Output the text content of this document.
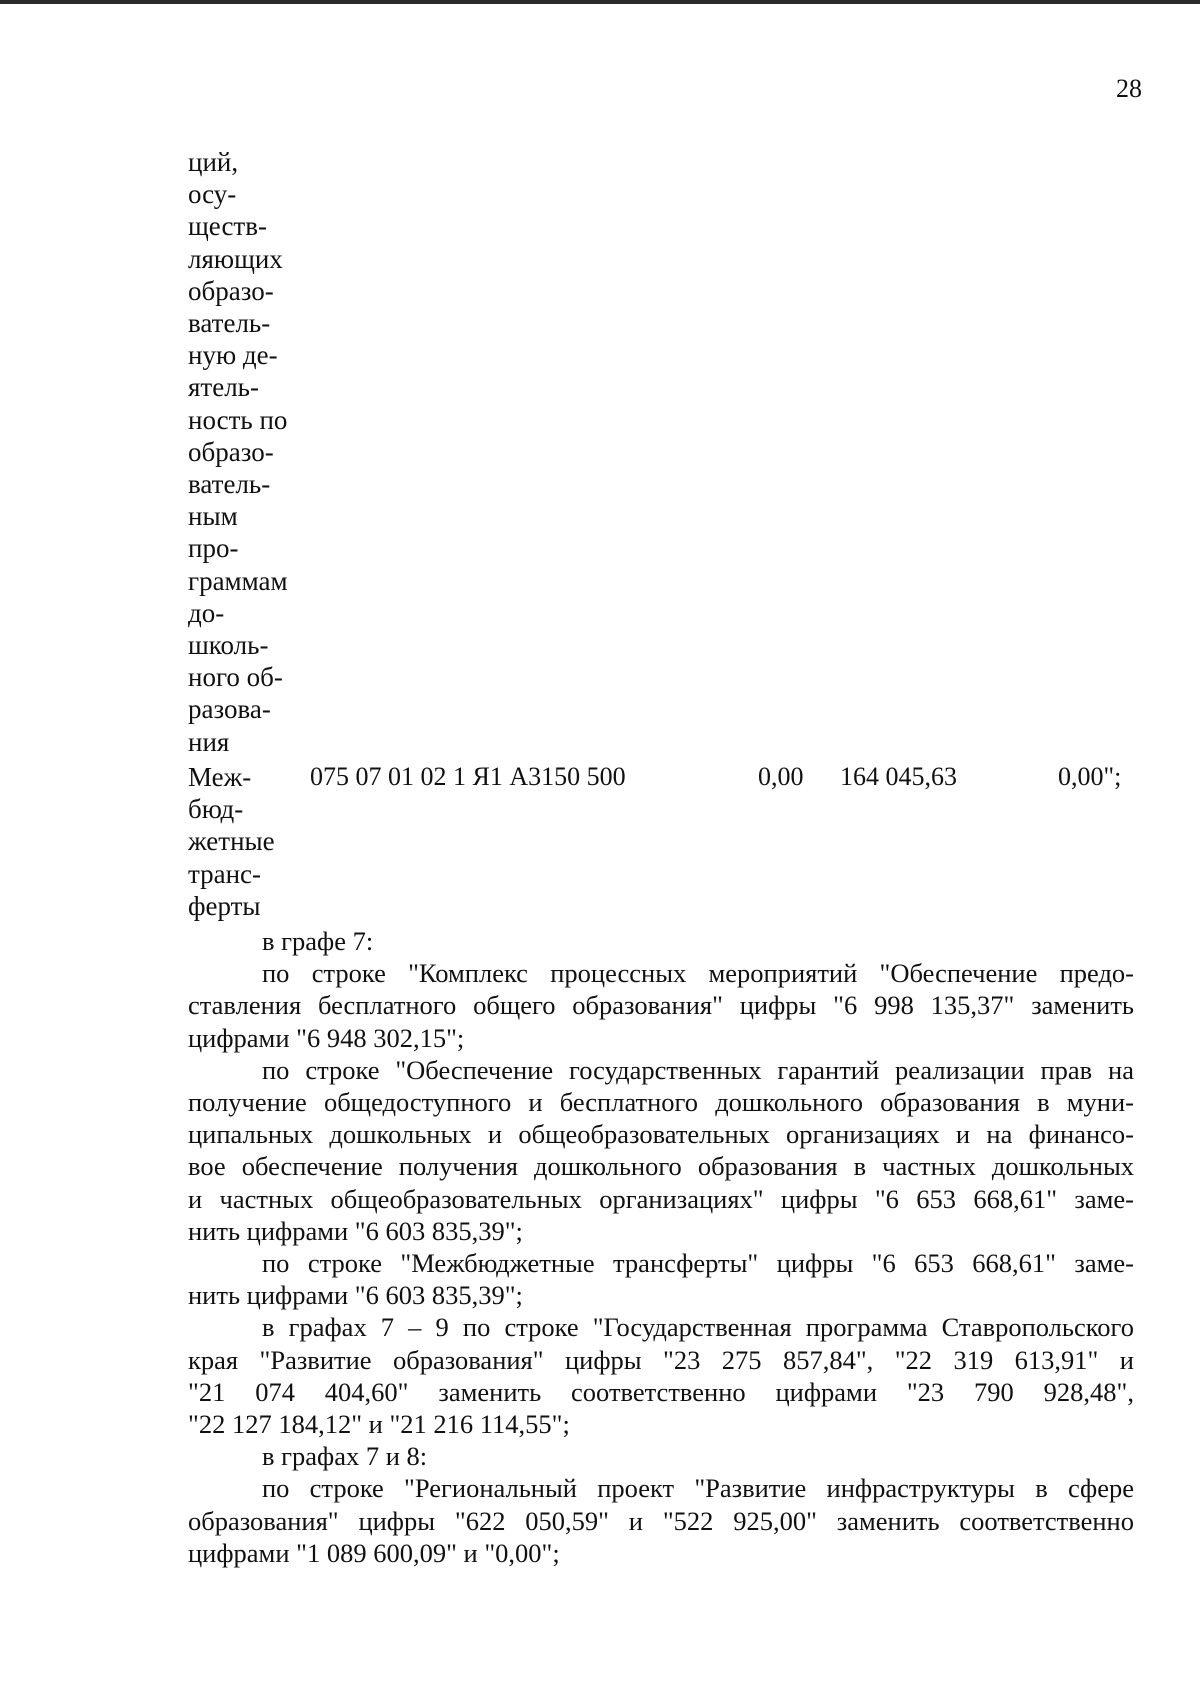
28
ций,
осу-
ществ-
ляющих
образо-
ватель-
ную де-
ятель-
ность по
образо-
ватель-
ным
про-
граммам
до-
школь-
ного об-
разова-
ния
Меж-
бюд-
жетные
транс-
ферты
075 07 01 02 1 Я1 А3150 500	0,00 164 045,63	0,00";
в графе 7:
по строке "Комплекс процессных мероприятий "Обеспечение предо-
ставления бесплатного общего образования" цифры "6 998 135,37" заменить
цифрами "6 948 302,15";
по строке "Обеспечение государственных гарантий реализации прав на
получение общедоступного и бесплатного дошкольного образования в муни-
ципальных дошкольных и общеобразовательных организациях и на финансо-
вое обеспечение получения дошкольного образования в частных дошкольных
и частных общеобразовательных организациях" цифры "6 653 668,61" заме-
нить цифрами "6 603 835,39";
по строке "Межбюджетные трансферты" цифры "6 653 668,61" заме-
нить цифрами "6 603 835,39";
в графах 7 – 9 по строке "Государственная программа Ставропольского
края "Развитие образования" цифры "23 275 857,84", "22 319 613,91" и
"21 074 404,60" заменить соответственно цифрами "23 790 928,48",
"22 127 184,12" и "21 216 114,55";
в графах 7 и 8:
по строке "Региональный проект "Развитие инфраструктуры в сфере
образования" цифры "622 050,59" и "522 925,00" заменить соответственно
цифрами "1 089 600,09" и "0,00";
